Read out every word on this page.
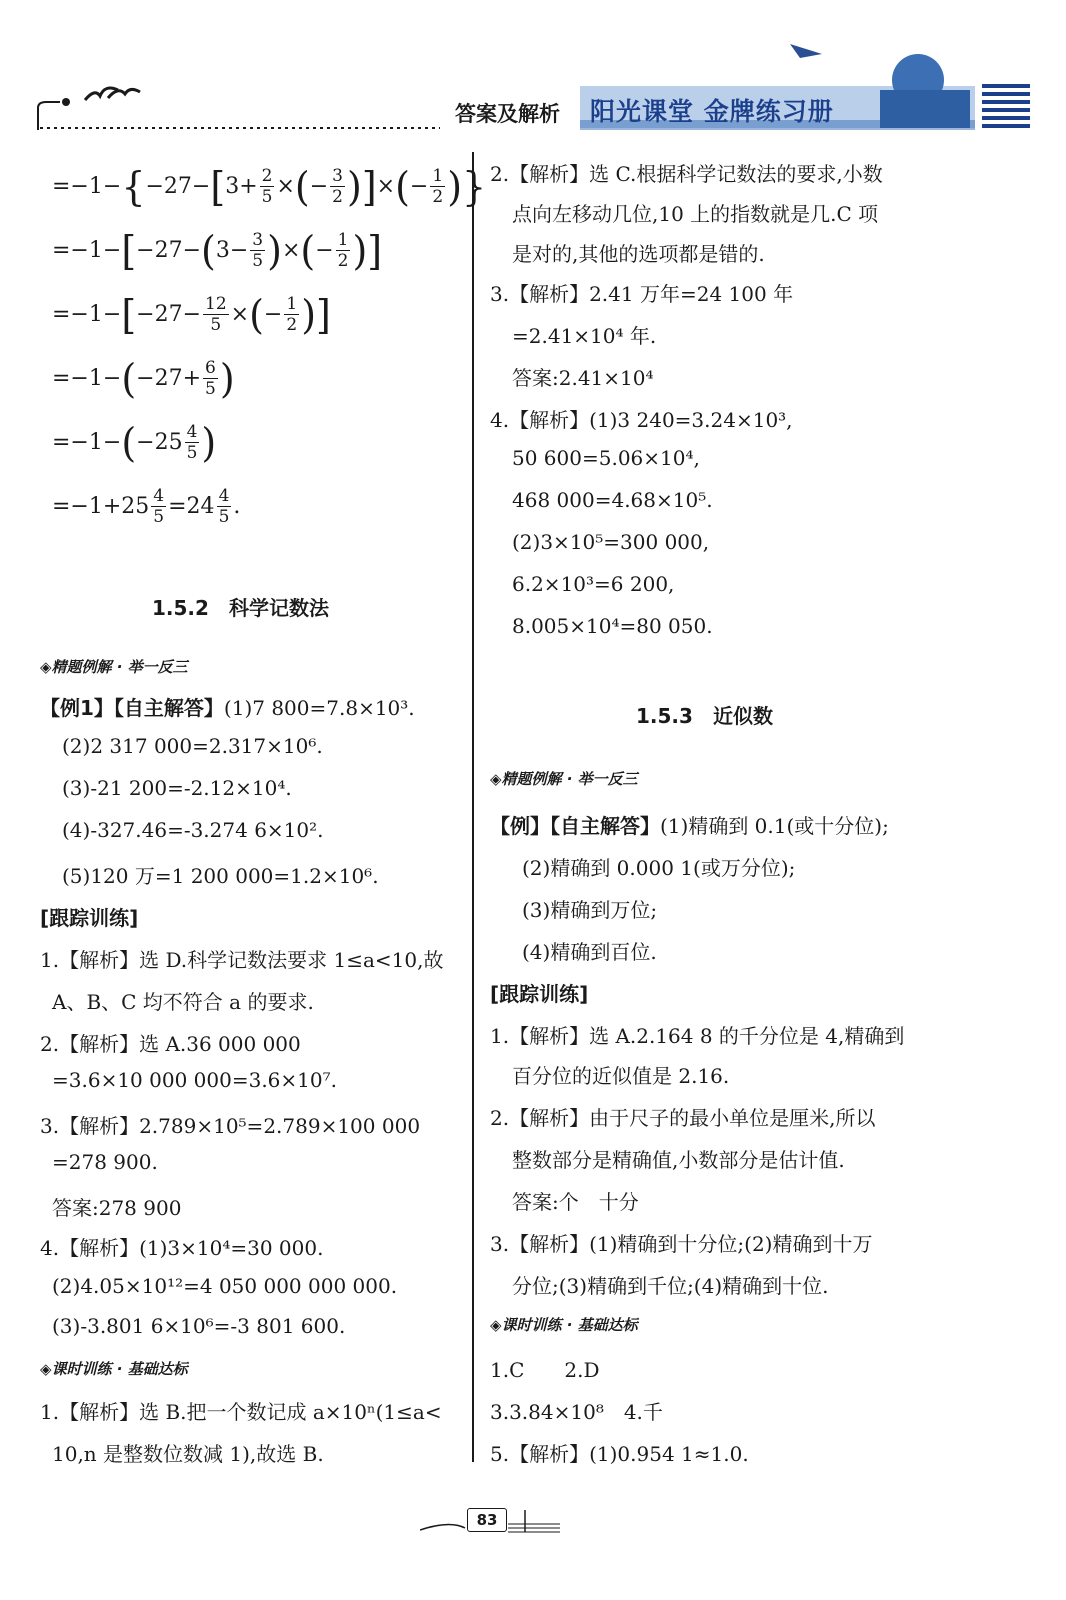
答案及解析 阳光课堂 金牌练习册
=−1− { −27− [ $3+ \frac{2}{5}$ × ( − $\frac{3}{2}$ ) ] × ( − $\frac{1}{2}$ ) }
=−1− [ −27− ( $3- \frac{3}{5}$ ) × ( − $\frac{1}{2}$ ) ]
=−1− [ $-27- \frac{12}{5}$ × ( − $\frac{1}{2}$ ) ]
=−1− ( $-27+ \frac{6}{5}$ )
=−1− ( $-25 \frac{4}{5}$ )
$=-1+25 \frac{4}{5} =24 \frac{4}{5}$ .
1.5.2　科学记数法
◈精题例解 · 举一反三
【例1】【自主解答】(1)7 800=7.8×10³.
(2)2 317 000=2.317×10⁶.
(3)-21 200=-2.12×10⁴.
(4)-327.46=-3.274 6×10².
(5)120 万=1 200 000=1.2×10⁶.
[跟踪训练]
1.【解析】选 D.科学记数法要求 1≤a<10,故
A、B、C 均不符合 a 的要求.
2.【解析】选 A.36 000 000
=3.6×10 000 000=3.6×10⁷.
3.【解析】2.789×10⁵=2.789×100 000
=278 900.
答案:278 900
4.【解析】(1)3×10⁴=30 000.
(2)4.05×10¹²=4 050 000 000 000.
(3)-3.801 6×10⁶=-3 801 600.
◈课时训练 · 基础达标
1.【解析】选 B.把一个数记成 a×10ⁿ(1≤a<
10,n 是整数位数减 1),故选 B.
2.【解析】选 C.根据科学记数法的要求,小数
点向左移动几位,10 上的指数就是几.C 项
是对的,其他的选项都是错的.
3.【解析】2.41 万年=24 100 年
=2.41×10⁴ 年.
答案:2.41×10⁴
4.【解析】(1)3 240=3.24×10³,
50 600=5.06×10⁴,
468 000=4.68×10⁵.
(2)3×10⁵=300 000,
6.2×10³=6 200,
8.005×10⁴=80 050.
1.5.3　近似数
◈精题例解 · 举一反三
【例】【自主解答】(1)精确到 0.1(或十分位);
(2)精确到 0.000 1(或万分位);
(3)精确到万位;
(4)精确到百位.
[跟踪训练]
1.【解析】选 A.2.164 8 的千分位是 4,精确到
百分位的近似值是 2.16.
2.【解析】由于尺子的最小单位是厘米,所以
整数部分是精确值,小数部分是估计值.
答案:个　十分
3.【解析】(1)精确到十分位;(2)精确到十万
分位;(3)精确到千位;(4)精确到十位.
◈课时训练 · 基础达标
1.C　　2.D
3.3.84×10⁸　4.千
5.【解析】(1)0.954 1≈1.0.
83
